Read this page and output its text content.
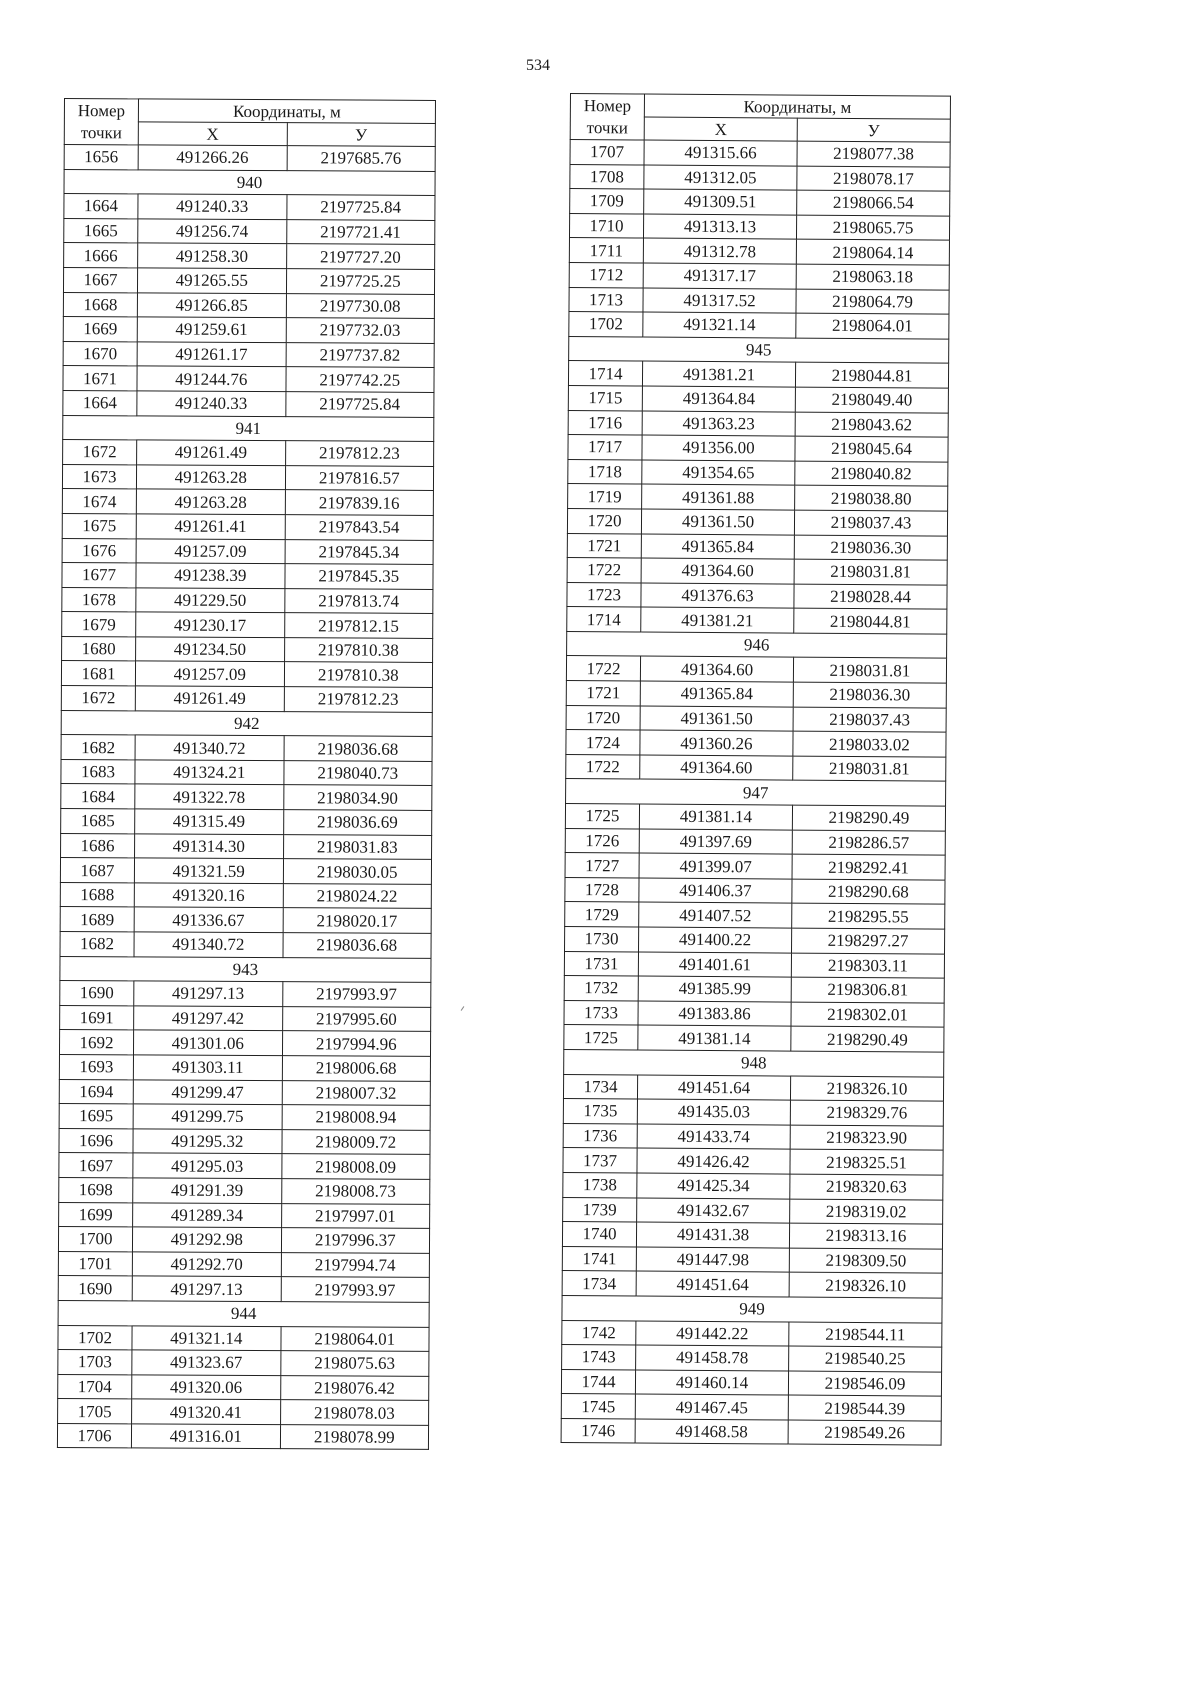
534
Номер
точки	Координаты, м	
	X	У
1656	491266.26	2197685.76
940		
1664	491240.33	2197725.84
1665	491256.74	2197721.41
1666	491258.30	2197727.20
1667	491265.55	2197725.25
1668	491266.85	2197730.08
1669	491259.61	2197732.03
1670	491261.17	2197737.82
1671	491244.76	2197742.25
1664	491240.33	2197725.84
941		
1672	491261.49	2197812.23
1673	491263.28	2197816.57
1674	491263.28	2197839.16
1675	491261.41	2197843.54
1676	491257.09	2197845.34
1677	491238.39	2197845.35
1678	491229.50	2197813.74
1679	491230.17	2197812.15
1680	491234.50	2197810.38
1681	491257.09	2197810.38
1672	491261.49	2197812.23
942		
1682	491340.72	2198036.68
1683	491324.21	2198040.73
1684	491322.78	2198034.90
1685	491315.49	2198036.69
1686	491314.30	2198031.83
1687	491321.59	2198030.05
1688	491320.16	2198024.22
1689	491336.67	2198020.17
1682	491340.72	2198036.68
943		
1690	491297.13	2197993.97
1691	491297.42	2197995.60
1692	491301.06	2197994.96
1693	491303.11	2198006.68
1694	491299.47	2198007.32
1695	491299.75	2198008.94
1696	491295.32	2198009.72
1697	491295.03	2198008.09
1698	491291.39	2198008.73
1699	491289.34	2197997.01
1700	491292.98	2197996.37
1701	491292.70	2197994.74
1690	491297.13	2197993.97
944		
1702	491321.14	2198064.01
1703	491323.67	2198075.63
1704	491320.06	2198076.42
1705	491320.41	2198078.03
1706	491316.01	2198078.99
Номер
точки	Координаты, м	
	X	У
1707	491315.66	2198077.38
1708	491312.05	2198078.17
1709	491309.51	2198066.54
1710	491313.13	2198065.75
1711	491312.78	2198064.14
1712	491317.17	2198063.18
1713	491317.52	2198064.79
1702	491321.14	2198064.01
945		
1714	491381.21	2198044.81
1715	491364.84	2198049.40
1716	491363.23	2198043.62
1717	491356.00	2198045.64
1718	491354.65	2198040.82
1719	491361.88	2198038.80
1720	491361.50	2198037.43
1721	491365.84	2198036.30
1722	491364.60	2198031.81
1723	491376.63	2198028.44
1714	491381.21	2198044.81
946		
1722	491364.60	2198031.81
1721	491365.84	2198036.30
1720	491361.50	2198037.43
1724	491360.26	2198033.02
1722	491364.60	2198031.81
947		
1725	491381.14	2198290.49
1726	491397.69	2198286.57
1727	491399.07	2198292.41
1728	491406.37	2198290.68
1729	491407.52	2198295.55
1730	491400.22	2198297.27
1731	491401.61	2198303.11
1732	491385.99	2198306.81
1733	491383.86	2198302.01
1725	491381.14	2198290.49
948		
1734	491451.64	2198326.10
1735	491435.03	2198329.76
1736	491433.74	2198323.90
1737	491426.42	2198325.51
1738	491425.34	2198320.63
1739	491432.67	2198319.02
1740	491431.38	2198313.16
1741	491447.98	2198309.50
1734	491451.64	2198326.10
949		
1742	491442.22	2198544.11
1743	491458.78	2198540.25
1744	491460.14	2198546.09
1745	491467.45	2198544.39
1746	491468.58	2198549.26
